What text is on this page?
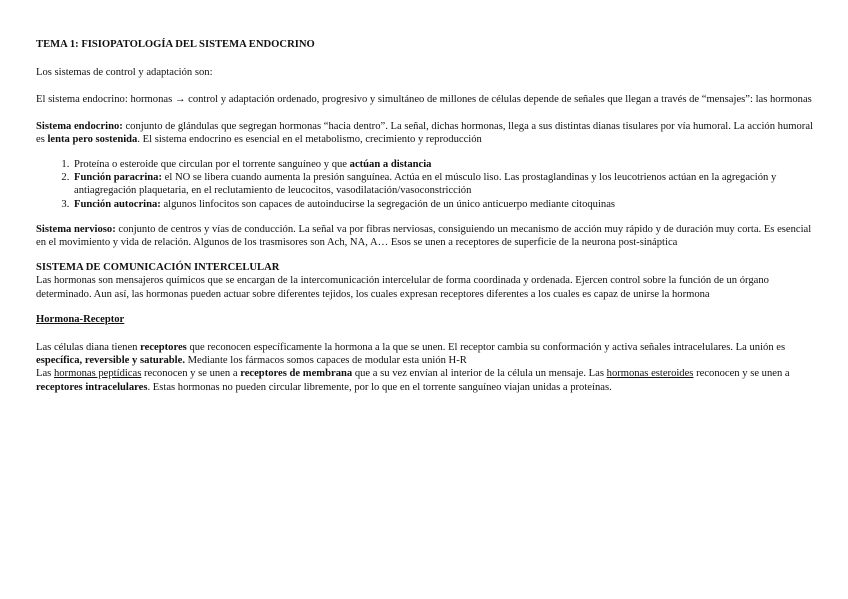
TEMA 1: FISIOPATOLOGÍA DEL SISTEMA ENDOCRINO

Los sistemas de control y adaptación son:

El sistema endocrino: hormonas → control y adaptación ordenado, progresivo y simultáneo de millones de células depende de señales que llegan a través de “mensajes”: las hormonas

Sistema endocrino: conjunto de glándulas que segregan hormonas “hacia dentro”. La señal, dichas hormonas, llega a sus distintas dianas tisulares por vía humoral. La acción humoral es lenta pero sostenida. El sistema endocrino es esencial en el metabolismo, crecimiento y reproducción

1. Proteína o esteroide que circulan por el torrente sanguíneo y que actúan a distancia
2. Función paracrina: el NO se libera cuando aumenta la presión sanguínea. Actúa en el músculo liso. Las prostaglandinas y los leucotrienos actúan en la agregación y antiagregación plaquetaria, en el reclutamiento de leucocitos, vasodilatación/vasoconstricción
3. Función autocrina: algunos linfocitos son capaces de autoinducirse la segregación de un único anticuerpo mediante citoquinas

Sistema nervioso: conjunto de centros y vías de conducción. La señal va por fibras nerviosas, consiguiendo un mecanismo de acción muy rápido y de duración muy corta. Es esencial en el movimiento y vida de relación. Algunos de los trasmisores son Ach, NA, A… Esos se unen a receptores de superficie de la neurona post-sináptica

SISTEMA DE COMUNICACIÓN INTERCELULAR

Las hormonas son mensajeros químicos que se encargan de la intercomunicación intercelular de forma coordinada y ordenada. Ejercen control sobre la función de un órgano determinado. Aun así, las hormonas pueden actuar sobre diferentes tejidos, los cuales expresan receptores diferentes a los cuales es capaz de unirse la hormona

Hormona-Receptor

Las células diana tienen receptores que reconocen específicamente la hormona a la que se unen. El receptor cambia su conformación y activa señales intracelulares. La unión es específica, reversible y saturable. Mediante los fármacos somos capaces de modular esta unión H-R

Las hormonas peptídicas reconocen y se unen a receptores de membrana que a su vez envían al interior de la célula un mensaje. Las hormonas esteroides reconocen y se unen a receptores intracelulares. Estas hormonas no pueden circular libremente, por lo que en el torrente sanguíneo viajan unidas a proteínas.
